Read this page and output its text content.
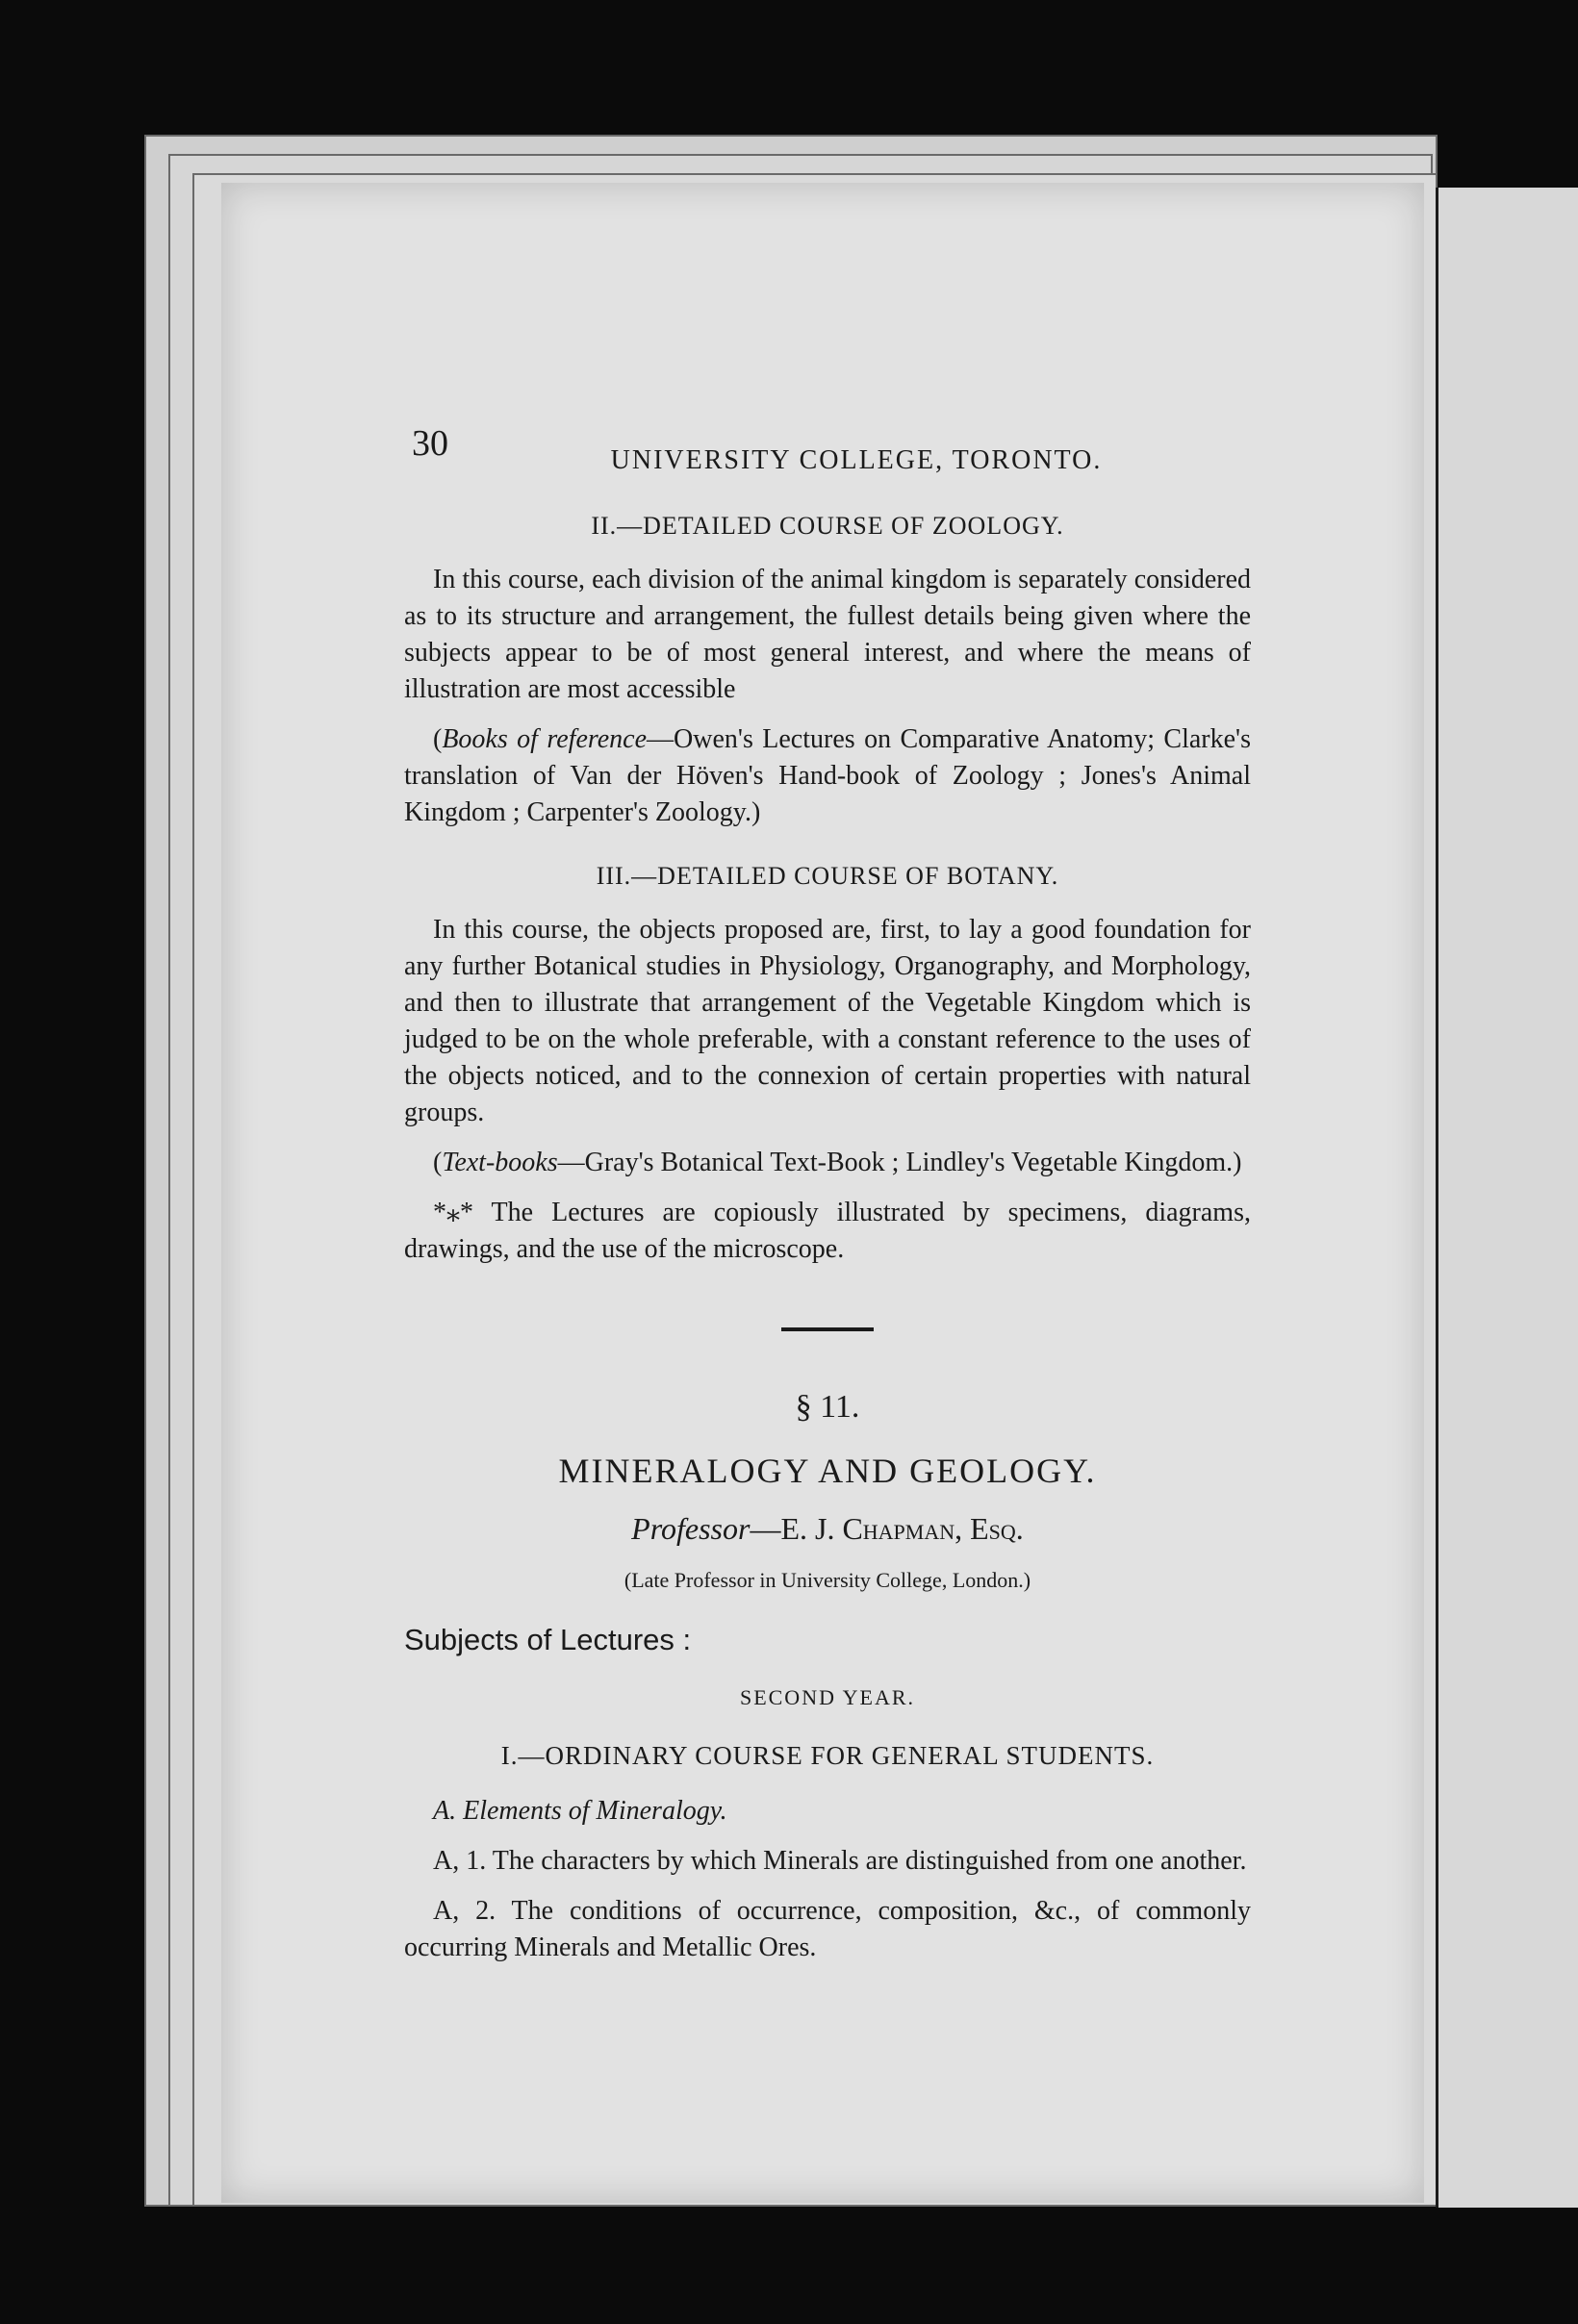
30	UNIVERSITY COLLEGE, TORONTO.
II.—DETAILED COURSE OF ZOOLOGY.

In this course, each division of the animal kingdom is separately considered as to its structure and arrangement, the fullest details being given where the subjects appear to be of most general interest, and where the means of illustration are most accessible

(Books of reference—Owen's Lectures on Comparative Anatomy; Clarke's translation of Van der Höven's Hand-book of Zoology ; Jones's Animal Kingdom ; Carpenter's Zoology.)

III.—DETAILED COURSE OF BOTANY.

In this course, the objects proposed are, first, to lay a good foundation for any further Botanical studies in Physiology, Organography, and Morphology, and then to illustrate that arrangement of the Vegetable Kingdom which is judged to be on the whole preferable, with a constant reference to the uses of the objects noticed, and to the connexion of certain properties with natural groups.

(Text-books—Gray's Botanical Text-Book ; Lindley's Vegetable Kingdom.)

*⁎* The Lectures are copiously illustrated by specimens, diagrams, drawings, and the use of the microscope.

§ 11.
MINERALOGY AND GEOLOGY.
Professor—E. J. Chapman, Esq.
(Late Professor in University College, London.)
Subjects of Lectures :
SECOND YEAR.
I.—ORDINARY COURSE FOR GENERAL STUDENTS.
A. Elements of Mineralogy.

A, 1. The characters by which Minerals are distinguished from one another.

A, 2. The conditions of occurrence, composition, &c., of commonly occurring Minerals and Metallic Ores.
